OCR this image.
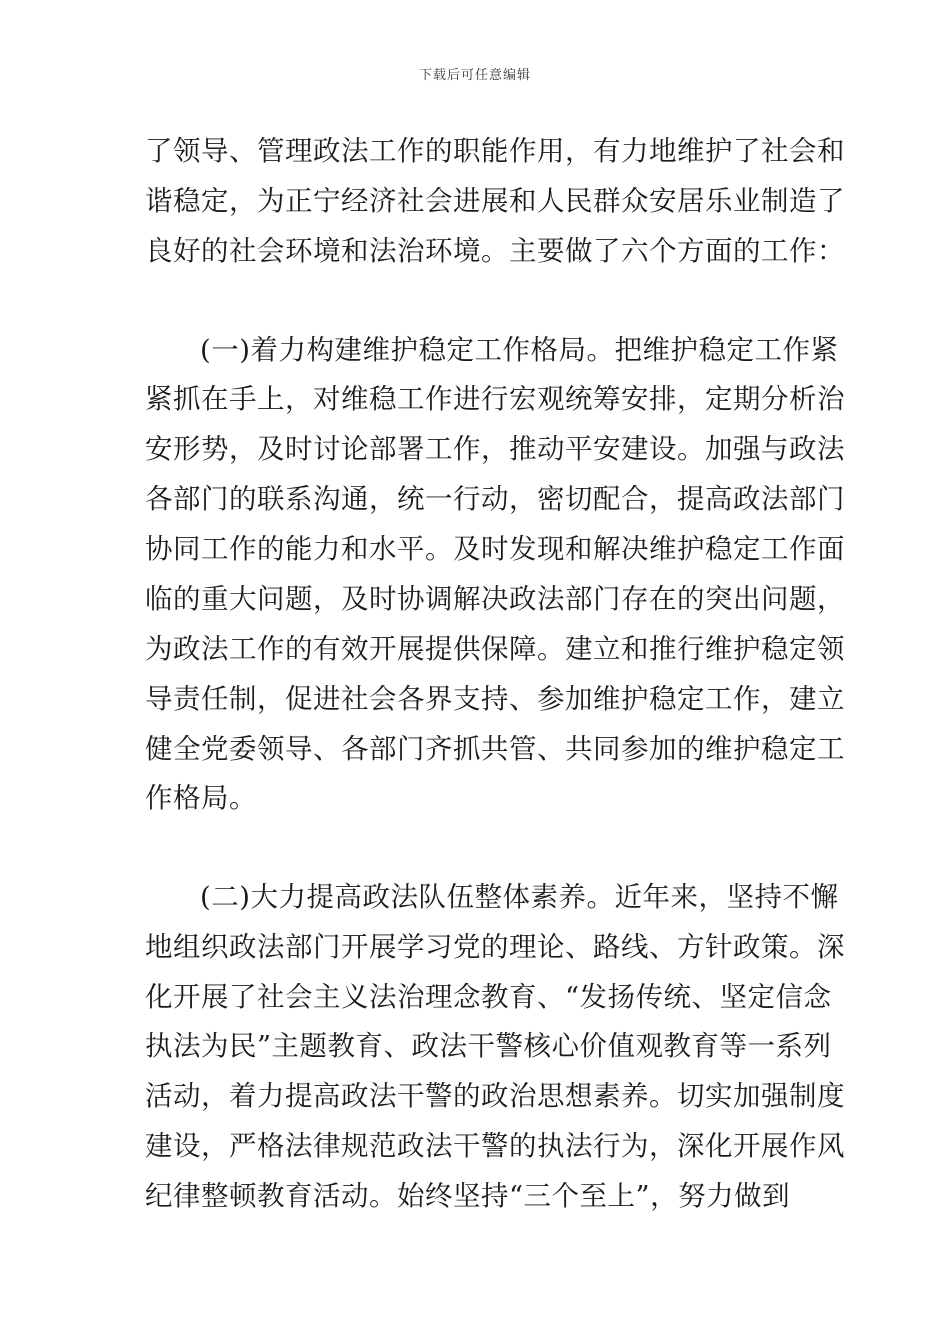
下载后可任意编辑
了领导、管理政法工作的职能作用，有力地维护了社会和
谐稳定，为正宁经济社会进展和人民群众安居乐业制造了
良好的社会环境和法治环境。主要做了六个方面的工作：
(一)着力构建维护稳定工作格局。把维护稳定工作紧
紧抓在手上，对维稳工作进行宏观统筹安排，定期分析治
安形势，及时讨论部署工作，推动平安建设。加强与政法
各部门的联系沟通，统一行动，密切配合，提高政法部门
协同工作的能力和水平。及时发现和解决维护稳定工作面
临的重大问题，及时协调解决政法部门存在的突出问题，
为政法工作的有效开展提供保障。建立和推行维护稳定领
导责任制，促进社会各界支持、参加维护稳定工作，建立
健全党委领导、各部门齐抓共管、共同参加的维护稳定工
作格局。
(二)大力提高政法队伍整体素养。近年来，坚持不懈
地组织政法部门开展学习党的理论、路线、方针政策。深
化开展了社会主义法治理念教育、“发扬传统、坚定信念
执法为民”主题教育、政法干警核心价值观教育等一系列
活动，着力提高政法干警的政治思想素养。切实加强制度
建设，严格法律规范政法干警的执法行为，深化开展作风
纪律整顿教育活动。始终坚持“三个至上”，努力做到
